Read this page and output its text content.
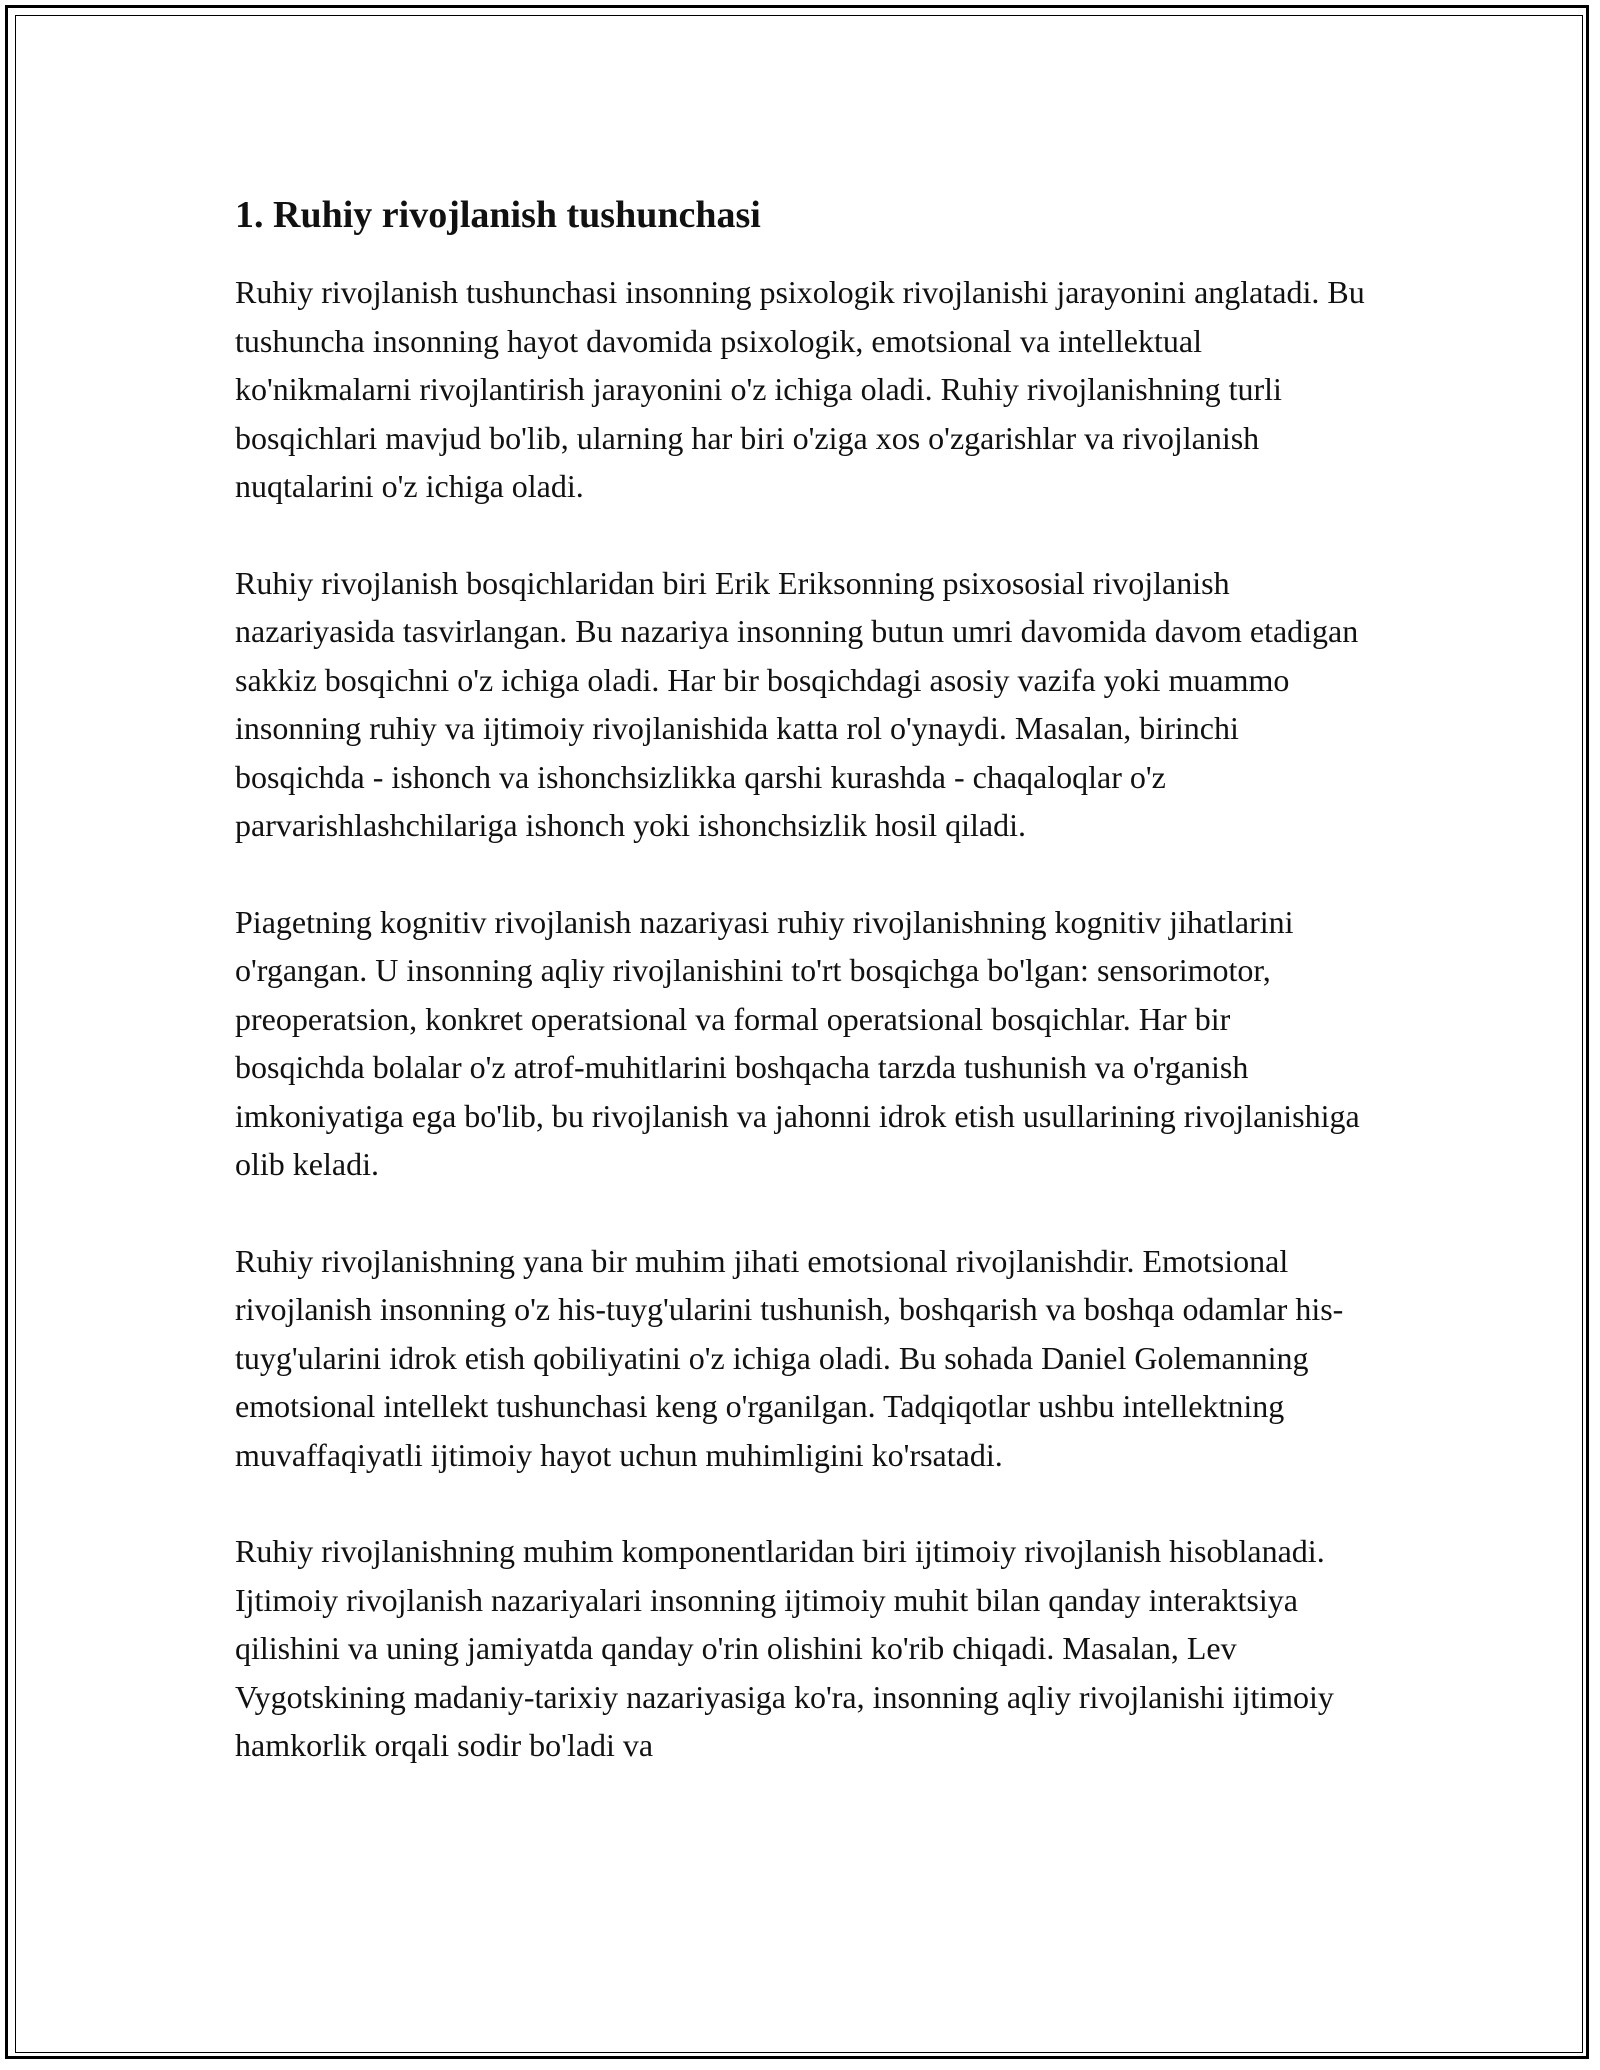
1. Ruhiy rivojlanish tushunchasi

Ruhiy rivojlanish tushunchasi insonning psixologik rivojlanishi jarayonini anglatadi. Bu tushuncha insonning hayot davomida psixologik, emotsional va intellektual ko'nikmalarni rivojlantirish jarayonini o'z ichiga oladi. Ruhiy rivojlanishning turli bosqichlari mavjud bo'lib, ularning har biri o'ziga xos o'zgarishlar va rivojlanish nuqtalarini o'z ichiga oladi.

Ruhiy rivojlanish bosqichlaridan biri Erik Eriksonning psixososial rivojlanish nazariyasida tasvirlangan. Bu nazariya insonning butun umri davomida davom etadigan sakkiz bosqichni o'z ichiga oladi. Har bir bosqichdagi asosiy vazifa yoki muammo insonning ruhiy va ijtimoiy rivojlanishida katta rol o'ynaydi. Masalan, birinchi bosqichda - ishonch va ishonchsizlikka qarshi kurashda - chaqaloqlar o'z parvarishlashchilariga ishonch yoki ishonchsizlik hosil qiladi.

Piagetning kognitiv rivojlanish nazariyasi ruhiy rivojlanishning kognitiv jihatlarini o'rgangan. U insonning aqliy rivojlanishini to'rt bosqichga bo'lgan: sensorimotor, preoperatsion, konkret operatsional va formal operatsional bosqichlar. Har bir bosqichda bolalar o'z atrof-muhitlarini boshqacha tarzda tushunish va o'rganish imkoniyatiga ega bo'lib, bu rivojlanish va jahonni idrok etish usullarining rivojlanishiga olib keladi.

Ruhiy rivojlanishning yana bir muhim jihati emotsional rivojlanishdir. Emotsional rivojlanish insonning o'z his-tuyg'ularini tushunish, boshqarish va boshqa odamlar his-tuyg'ularini idrok etish qobiliyatini o'z ichiga oladi. Bu sohada Daniel Golemanning emotsional intellekt tushunchasi keng o'rganilgan. Tadqiqotlar ushbu intellektning muvaffaqiyatli ijtimoiy hayot uchun muhimligini ko'rsatadi.

Ruhiy rivojlanishning muhim komponentlaridan biri ijtimoiy rivojlanish hisoblanadi. Ijtimoiy rivojlanish nazariyalari insonning ijtimoiy muhit bilan qanday interaktsiya qilishini va uning jamiyatda qanday o'rin olishini ko'rib chiqadi. Masalan, Lev Vygotskining madaniy-tarixiy nazariyasiga ko'ra, insonning aqliy rivojlanishi ijtimoiy hamkorlik orqali sodir bo'ladi va
